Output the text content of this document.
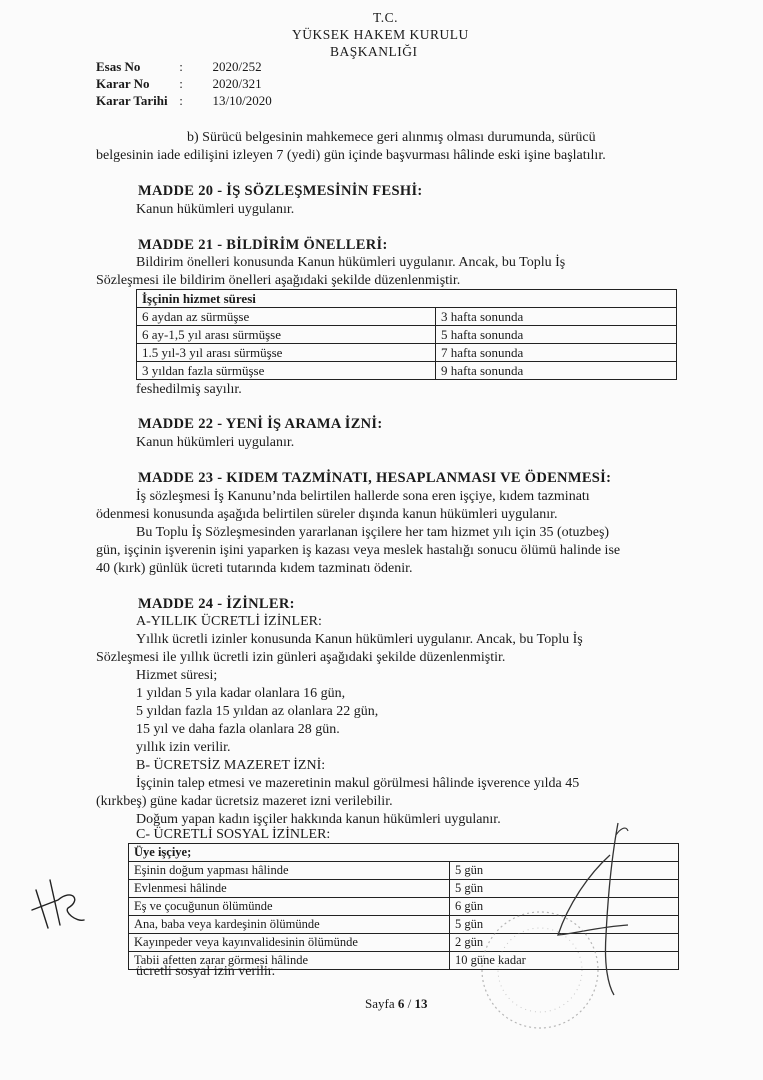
T.C.
YÜKSEK HAKEM KURULU
BAŞKANLIĞI
Esas No	: 2020/252
Karar No : 2020/321
Karar Tarihi : 13/10/2020
b) Sürücü belgesinin mahkemece geri alınmış olması durumunda, sürücü
belgesinin iade edilişini izleyen 7 (yedi) gün içinde başvurması hâlinde eski işine başlatılır.
MADDE 20 - İŞ SÖZLEŞMESİNİN FESHİ:
Kanun hükümleri uygulanır.
MADDE 21 - BİLDİRİM ÖNELLERİ:
Bildirim önelleri konusunda Kanun hükümleri uygulanır. Ancak, bu Toplu İş
Sözleşmesi ile bildirim önelleri aşağıdaki şekilde düzenlenmiştir.
İşçinin hizmet süresi	
6 aydan az sürmüşse	3 hafta sonunda
6 ay-1,5 yıl arası sürmüşse	5 hafta sonunda
1.5 yıl-3 yıl arası sürmüşse	7 hafta sonunda
3 yıldan fazla sürmüşse	9 hafta sonunda
feshedilmiş sayılır.
MADDE 22 - YENİ İŞ ARAMA İZNİ:
Kanun hükümleri uygulanır.
MADDE 23 - KIDEM TAZMİNATI, HESAPLANMASI VE ÖDENMESİ:
İş sözleşmesi İş Kanunu’nda belirtilen hallerde sona eren işçiye, kıdem tazminatı
ödenmesi konusunda aşağıda belirtilen süreler dışında kanun hükümleri uygulanır.
Bu Toplu İş Sözleşmesinden yararlanan işçilere her tam hizmet yılı için 35 (otuzbeş)
gün, işçinin işverenin işini yaparken iş kazası veya meslek hastalığı sonucu ölümü halinde ise
40 (kırk) günlük ücreti tutarında kıdem tazminatı ödenir.
MADDE 24 - İZİNLER:
A-YILLIK ÜCRETLİ İZİNLER:
Yıllık ücretli izinler konusunda Kanun hükümleri uygulanır. Ancak, bu Toplu İş
Sözleşmesi ile yıllık ücretli izin günleri aşağıdaki şekilde düzenlenmiştir.
Hizmet süresi;
1 yıldan 5 yıla kadar olanlara 16 gün,
5 yıldan fazla 15 yıldan az olanlara 22 gün,
15 yıl ve daha fazla olanlara 28 gün.
yıllık izin verilir.
B- ÜCRETSİZ MAZERET İZNİ:
İşçinin talep etmesi ve mazeretinin makul görülmesi hâlinde işverence yılda 45
(kırkbeş) güne kadar ücretsiz mazeret izni verilebilir.
Doğum yapan kadın işçiler hakkında kanun hükümleri uygulanır.
C- ÜCRETLİ SOSYAL İZİNLER:
Üye işçiye;	
Eşinin doğum yapması hâlinde	5 gün
Evlenmesi hâlinde	5 gün
Eş ve çocuğunun ölümünde	6 gün
Ana, baba veya kardeşinin ölümünde	5 gün
Kayınpeder veya kayınvalidesinin ölümünde	2 gün
Tabii afetten zarar görmesi hâlinde	10 güne kadar
ücretli sosyal izin verilir.
Sayfa 6 / 13
